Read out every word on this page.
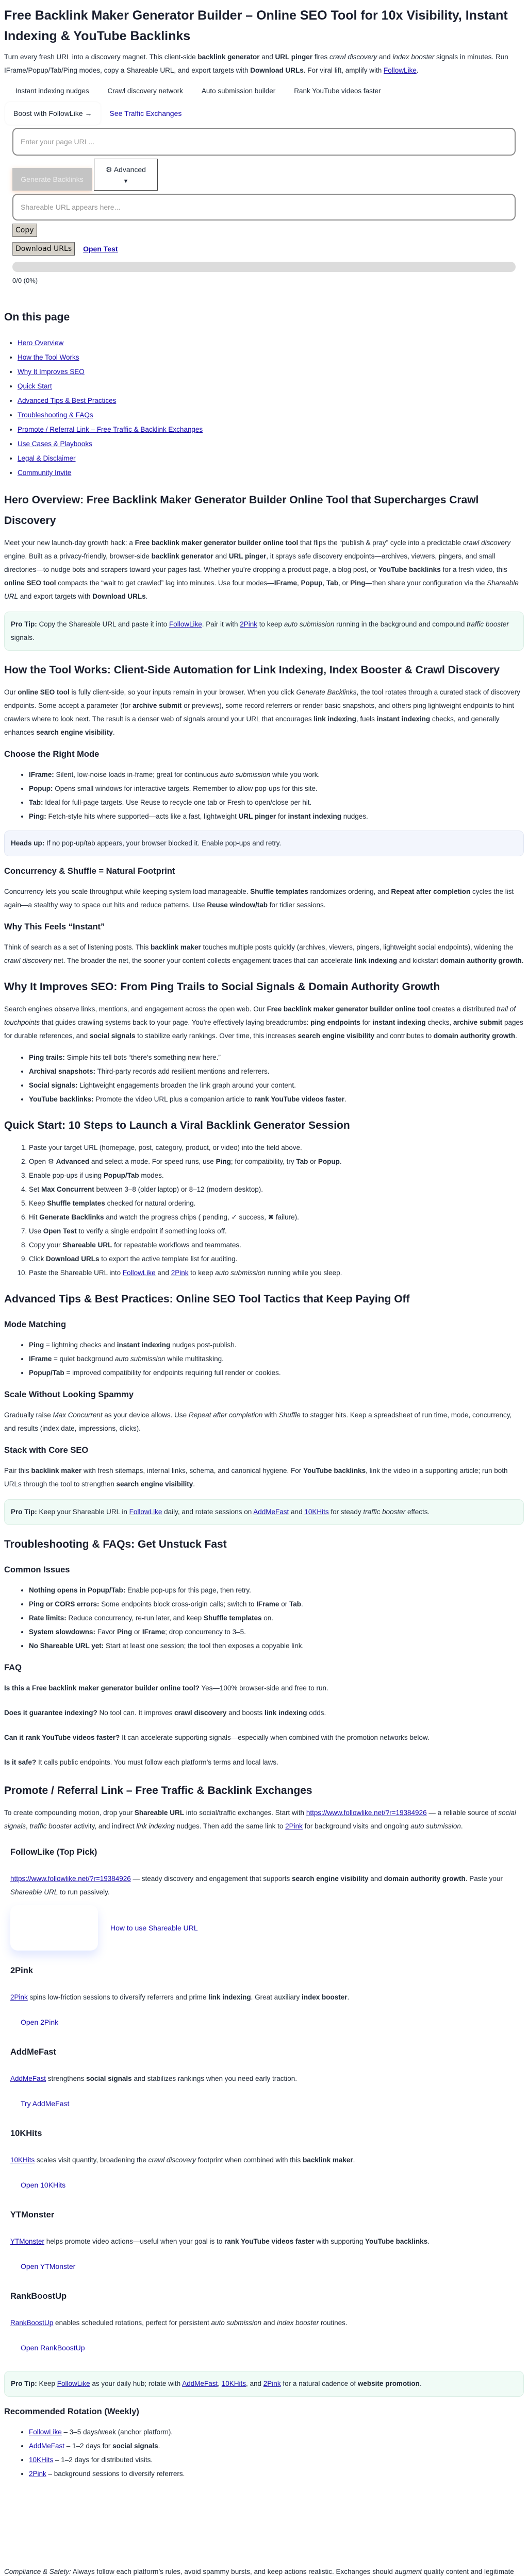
Free Backlink Maker Generator Builder – Online SEO Tool for 10x Visibility, Instant Indexing & YouTube Backlinks

Turn every fresh URL into a discovery magnet. This client-side backlink generator and URL pinger fires crawl discovery and index booster signals in minutes. Run IFrame/Popup/Tab/Ping modes, copy a Shareable URL, and export targets with Download URLs. For viral lift, amplify with FollowLike.

Instant indexing nudges	Crawl discovery network	Auto submission builder	Rank YouTube videos faster
Boost with FollowLike →	See Traffic Exchanges
Enter your page URL...
Generate Backlinks
⚙ Advanced
▼
Shareable URL appears here...
Copy
Download URLs	Open Test
0/0 (0%)
On this page
• Hero Overview
• How the Tool Works
• Why It Improves SEO
• Quick Start
• Advanced Tips & Best Practices
• Troubleshooting & FAQs
• Promote / Referral Link – Free Traffic & Backlink Exchanges
• Use Cases & Playbooks
• Legal & Disclaimer
• Community Invite
Hero Overview: Free Backlink Maker Generator Builder Online Tool that Supercharges Crawl Discovery

Meet your new launch-day growth hack: a Free backlink maker generator builder online tool that flips the “publish & pray” cycle into a predictable crawl discovery engine. Built as a privacy-friendly, browser-side backlink generator and URL pinger, it sprays safe discovery endpoints—archives, viewers, pingers, and small directories—to nudge bots and scrapers toward your pages fast. Whether you’re dropping a product page, a blog post, or YouTube backlinks for a fresh video, this online SEO tool compacts the “wait to get crawled” lag into minutes. Use four modes—IFrame, Popup, Tab, or Ping—then share your configuration via the Shareable URL and export targets with Download URLs.

Pro Tip: Copy the Shareable URL and paste it into FollowLike. Pair it with 2Pink to keep auto submission running in the background and compound traffic booster signals.
How the Tool Works: Client-Side Automation for Link Indexing, Index Booster & Crawl Discovery

Our online SEO tool is fully client-side, so your inputs remain in your browser. When you click Generate Backlinks, the tool rotates through a curated stack of discovery endpoints. Some accept a parameter (for archive submit or previews), some record referrers or render basic snapshots, and others ping lightweight endpoints to hint crawlers where to look next. The result is a denser web of signals around your URL that encourages link indexing, fuels instant indexing checks, and generally enhances search engine visibility.

Choose the Right Mode
• IFrame: Silent, low-noise loads in-frame; great for continuous auto submission while you work.
• Popup: Opens small windows for interactive targets. Remember to allow pop-ups for this site.
• Tab: Ideal for full-page targets. Use Reuse to recycle one tab or Fresh to open/close per hit.
• Ping: Fetch-style hits where supported—acts like a fast, lightweight URL pinger for instant indexing nudges.
Heads up: If no pop-up/tab appears, your browser blocked it. Enable pop-ups and retry.
Concurrency & Shuffle = Natural Footprint

Concurrency lets you scale throughput while keeping system load manageable. Shuffle templates randomizes ordering, and Repeat after completion cycles the list again—a stealthy way to space out hits and reduce patterns. Use Reuse window/tab for tidier sessions.

Why This Feels “Instant”

Think of search as a set of listening posts. This backlink maker touches multiple posts quickly (archives, viewers, pingers, lightweight social endpoints), widening the crawl discovery net. The broader the net, the sooner your content collects engagement traces that can accelerate link indexing and kickstart domain authority growth.

Why It Improves SEO: From Ping Trails to Social Signals & Domain Authority Growth

Search engines observe links, mentions, and engagement across the open web. Our Free backlink maker generator builder online tool creates a distributed trail of touchpoints that guides crawling systems back to your page. You’re effectively laying breadcrumbs: ping endpoints for instant indexing checks, archive submit pages for durable references, and social signals to stabilize early rankings. Over time, this increases search engine visibility and contributes to domain authority growth.

• Ping trails: Simple hits tell bots “there’s something new here.”
• Archival snapshots: Third-party records add resilient mentions and referrers.
• Social signals: Lightweight engagements broaden the link graph around your content.
• YouTube backlinks: Promote the video URL plus a companion article to rank YouTube videos faster.
Quick Start: 10 Steps to Launch a Viral Backlink Generator Session
1. Paste your target URL (homepage, post, category, product, or video) into the field above.
2. Open ⚙ Advanced and select a mode. For speed runs, use Ping; for compatibility, try Tab or Popup.
3. Enable pop-ups if using Popup/Tab modes.
4. Set Max Concurrent between 3–8 (older laptop) or 8–12 (modern desktop).
5. Keep Shuffle templates checked for natural ordering.
6. Hit Generate Backlinks and watch the progress chips ( pending, ✓ success, ✖ failure).
7. Use Open Test to verify a single endpoint if something looks off.
8. Copy your Shareable URL for repeatable workflows and teammates.
9. Click Download URLs to export the active template list for auditing.
10. Paste the Shareable URL into FollowLike and 2Pink to keep auto submission running while you sleep.
Advanced Tips & Best Practices: Online SEO Tool Tactics that Keep Paying Off
Mode Matching
• Ping = lightning checks and instant indexing nudges post-publish.
• IFrame = quiet background auto submission while multitasking.
• Popup/Tab = improved compatibility for endpoints requiring full render or cookies.
Scale Without Looking Spammy

Gradually raise Max Concurrent as your device allows. Use Repeat after completion with Shuffle to stagger hits. Keep a spreadsheet of run time, mode, concurrency, and results (index date, impressions, clicks).

Stack with Core SEO

Pair this backlink maker with fresh sitemaps, internal links, schema, and canonical hygiene. For YouTube backlinks, link the video in a supporting article; run both URLs through the tool to strengthen search engine visibility.

Pro Tip: Keep your Shareable URL in FollowLike daily, and rotate sessions on AddMeFast and 10KHits for steady traffic booster effects.
Troubleshooting & FAQs: Get Unstuck Fast
Common Issues
• Nothing opens in Popup/Tab: Enable pop-ups for this page, then retry.
• Ping or CORS errors: Some endpoints block cross-origin calls; switch to IFrame or Tab.
• Rate limits: Reduce concurrency, re-run later, and keep Shuffle templates on.
• System slowdowns: Favor Ping or IFrame; drop concurrency to 3–5.
• No Shareable URL yet: Start at least one session; the tool then exposes a copyable link.
FAQ

Is this a Free backlink maker generator builder online tool? Yes—100% browser-side and free to run.

Does it guarantee indexing? No tool can. It improves crawl discovery and boosts link indexing odds.

Can it rank YouTube videos faster? It can accelerate supporting signals—especially when combined with the promotion networks below.

Is it safe? It calls public endpoints. You must follow each platform’s terms and local laws.

Promote / Referral Link – Free Traffic & Backlink Exchanges

To create compounding motion, drop your Shareable URL into social/traffic exchanges. Start with https://www.followlike.net/?r=19384926 — a reliable source of social signals, traffic booster activity, and indirect link indexing nudges. Then add the same link to 2Pink for background visits and ongoing auto submission.

FollowLike (Top Pick)

https://www.followlike.net/?r=19384926 — steady discovery and engagement that supports search engine visibility and domain authority growth. Paste your Shareable URL to run passively.

How to use Shareable URL
2Pink

2Pink spins low-friction sessions to diversify referrers and prime link indexing. Great auxiliary index booster.

Open 2Pink
AddMeFast

AddMeFast strengthens social signals and stabilizes rankings when you need early traction.

Try AddMeFast
10KHits

10KHits scales visit quantity, broadening the crawl discovery footprint when combined with this backlink maker.

Open 10KHits
YTMonster

YTMonster helps promote video actions—useful when your goal is to rank YouTube videos faster with supporting YouTube backlinks.

Open YTMonster
RankBoostUp

RankBoostUp enables scheduled rotations, perfect for persistent auto submission and index booster routines.

Open RankBoostUp
Pro Tip: Keep FollowLike as your daily hub; rotate with AddMeFast, 10KHits, and 2Pink for a natural cadence of website promotion.
Recommended Rotation (Weekly)
• FollowLike – 3–5 days/week (anchor platform).
• AddMeFast – 1–2 days for social signals.
• 10KHits – 1–2 days for distributed visits.
• 2Pink – background sessions to diversify referrers.

Compliance & Safety: Always follow each platform’s rules, avoid spammy bursts, and keep actions realistic. Exchanges should augment quality content and legitimate
